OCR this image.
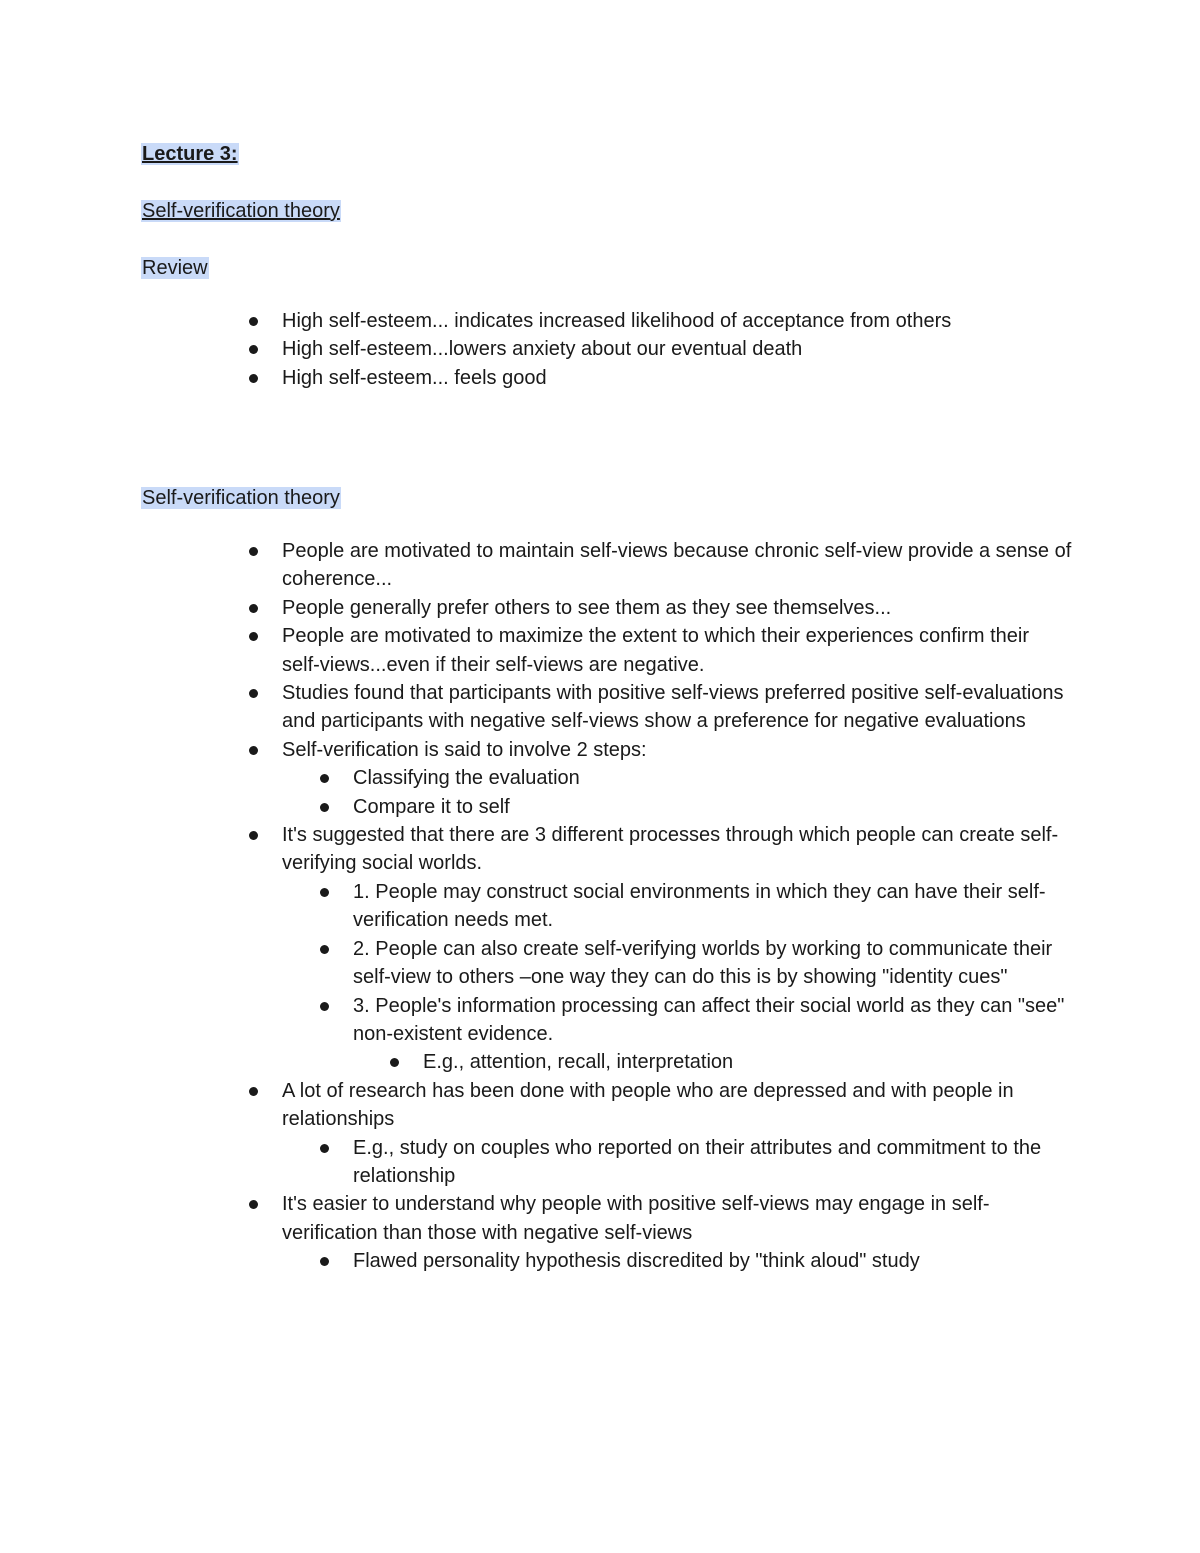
Lecture 3:
Self-verification theory
Review
High self-esteem... indicates increased likelihood of acceptance from others
High self-esteem...lowers anxiety about our eventual death
High self-esteem... feels good
Self-verification theory
People are motivated to maintain self-views because chronic self-view provide a sense of coherence...
People generally prefer others to see them as they see themselves...
People are motivated to maximize the extent to which their experiences confirm their self-views...even if their self-views are negative.
Studies found that participants with positive self-views preferred positive self-evaluations and participants with negative self-views show a preference for negative evaluations
Self-verification is said to involve 2 steps:
Classifying the evaluation
Compare it to self
It's suggested that there are 3 different processes through which people can create self-verifying social worlds.
1. People may construct social environments in which they can have their self-verification needs met.
2. People can also create self-verifying worlds by working to communicate their self-view to others –one way they can do this is by showing "identity cues"
3. People's information processing can affect their social world as they can "see" non-existent evidence.
E.g., attention, recall, interpretation
A lot of research has been done with people who are depressed and with people in relationships
E.g., study on couples who reported on their attributes and commitment to the relationship
It's easier to understand why people with positive self-views may engage in self-verification than those with negative self-views
Flawed personality hypothesis discredited by "think aloud" study
